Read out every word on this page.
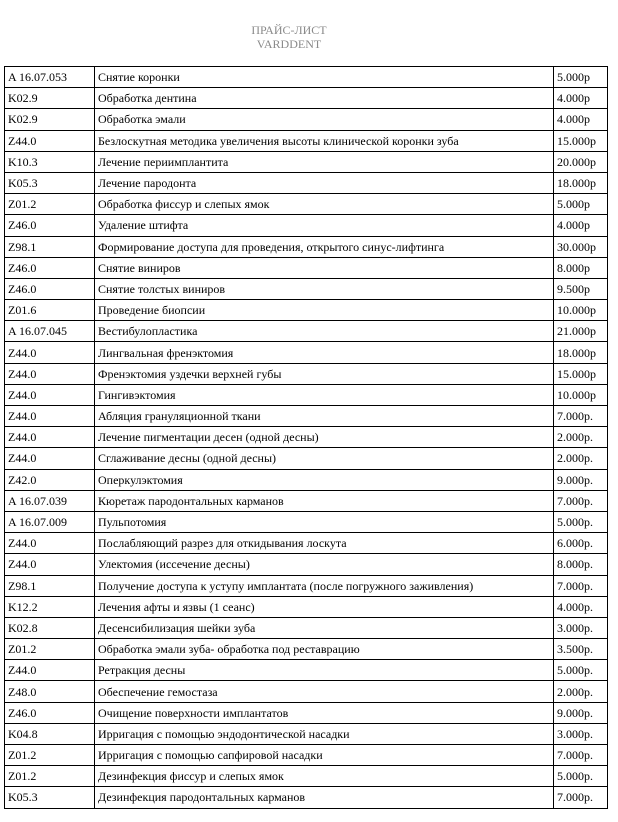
ПРАЙС-ЛИСТ
VARDDENT
A 16.07.053	Снятие коронки	5.000р
K02.9	Обработка дентина	4.000р
K02.9	Обработка эмали	4.000р
Z44.0	Безлоскутная методика увеличения высоты клинической коронки зуба	15.000р
K10.3	Лечение периимплантита	20.000р
K05.3	Лечение пародонта	18.000р
Z01.2	Обработка фиссур и слепых ямок	5.000р
Z46.0	Удаление штифта	4.000р
Z98.1	Формирование доступа для проведения, открытого синус-лифтинга	30.000р
Z46.0	Снятие виниров	8.000р
Z46.0	Снятие толстых виниров	9.500р
Z01.6	Проведение биопсии	10.000р
A 16.07.045	Вестибулопластика	21.000р
Z44.0	Лингвальная френэктомия	18.000р
Z44.0	Френэктомия уздечки верхней губы	15.000р
Z44.0	Гингивэктомия	10.000р
Z44.0	Абляция грануляционной ткани	7.000р.
Z44.0	Лечение пигментации десен (одной десны)	2.000р.
Z44.0	Сглаживание десны (одной десны)	2.000р.
Z42.0	Оперкулэктомия	9.000р.
A 16.07.039	Кюретаж пародонтальных карманов	7.000р.
A 16.07.009	Пульпотомия	5.000р.
Z44.0	Послабляющий разрез для откидывания лоскута	6.000р.
Z44.0	Улектомия (иссечение десны)	8.000р.
Z98.1	Получение доступа к уступу имплантата (после погружного заживления)	7.000р.
K12.2	Лечения афты и язвы (1 сеанс)	4.000р.
K02.8	Десенсибилизация шейки зуба	3.000р.
Z01.2	Обработка эмали зуба- обработка под реставрацию	3.500р.
Z44.0	Ретракция десны	5.000р.
Z48.0	Обеспечение гемостаза	2.000р.
Z46.0	Очищение поверхности имплантатов	9.000р.
K04.8	Ирригация с помощью эндодонтической насадки	3.000р.
Z01.2	Ирригация с помощью сапфировой насадки	7.000р.
Z01.2	Дезинфекция фиссур и слепых ямок	5.000р.
K05.3	Дезинфекция пародонтальных карманов	7.000р.
